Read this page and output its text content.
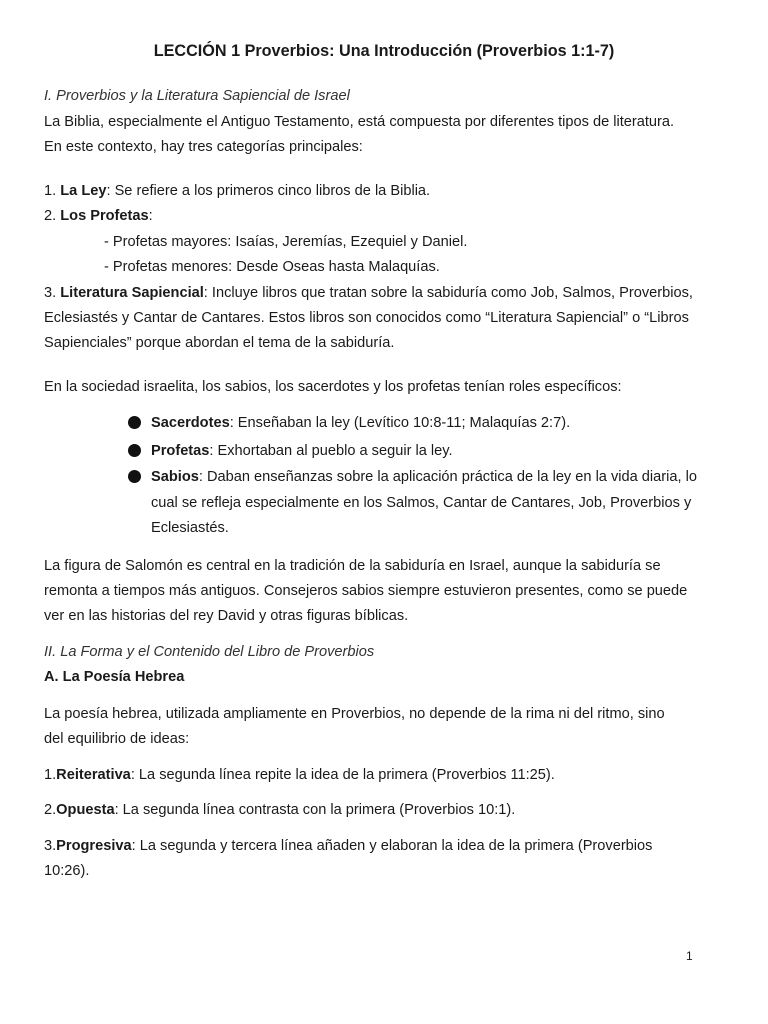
LECCIÓN 1 Proverbios: Una Introducción (Proverbios 1:1-7)
I. Proverbios y la Literatura Sapiencial de Israel
La Biblia, especialmente el Antiguo Testamento, está compuesta por diferentes tipos de literatura.
En este contexto, hay tres categorías principales:
1. La Ley: Se refiere a los primeros cinco libros de la Biblia.
2. Los Profetas:
- Profetas mayores: Isaías, Jeremías, Ezequiel y Daniel.
- Profetas menores: Desde Oseas hasta Malaquías.
3. Literatura Sapiencial: Incluye libros que tratan sobre la sabiduría como Job, Salmos, Proverbios,
Eclesiastés y Cantar de Cantares. Estos libros son conocidos como “Literatura Sapiencial” o “Libros
Sapienciales” porque abordan el tema de la sabiduría.
En la sociedad israelita, los sabios, los sacerdotes y los profetas tenían roles específicos:
Sacerdotes: Enseñaban la ley (Levítico 10:8-11; Malaquías 2:7).
Profetas: Exhortaban al pueblo a seguir la ley.
Sabios: Daban enseñanzas sobre la aplicación práctica de la ley en la vida diaria, lo
cual se refleja especialmente en los Salmos, Cantar de Cantares, Job, Proverbios y
Eclesiastés.
La figura de Salomón es central en la tradición de la sabiduría en Israel, aunque la sabiduría se
remonta a tiempos más antiguos. Consejeros sabios siempre estuvieron presentes, como se puede
ver en las historias del rey David y otras figuras bíblicas.
II. La Forma y el Contenido del Libro de Proverbios
A. La Poesía Hebrea
La poesía hebrea, utilizada ampliamente en Proverbios, no depende de la rima ni del ritmo, sino
del equilibrio de ideas:
1.Reiterativa: La segunda línea repite la idea de la primera (Proverbios 11:25).
2.Opuesta: La segunda línea contrasta con la primera (Proverbios 10:1).
3.Progresiva: La segunda y tercera línea añaden y elaboran la idea de la primera (Proverbios
10:26).
1
